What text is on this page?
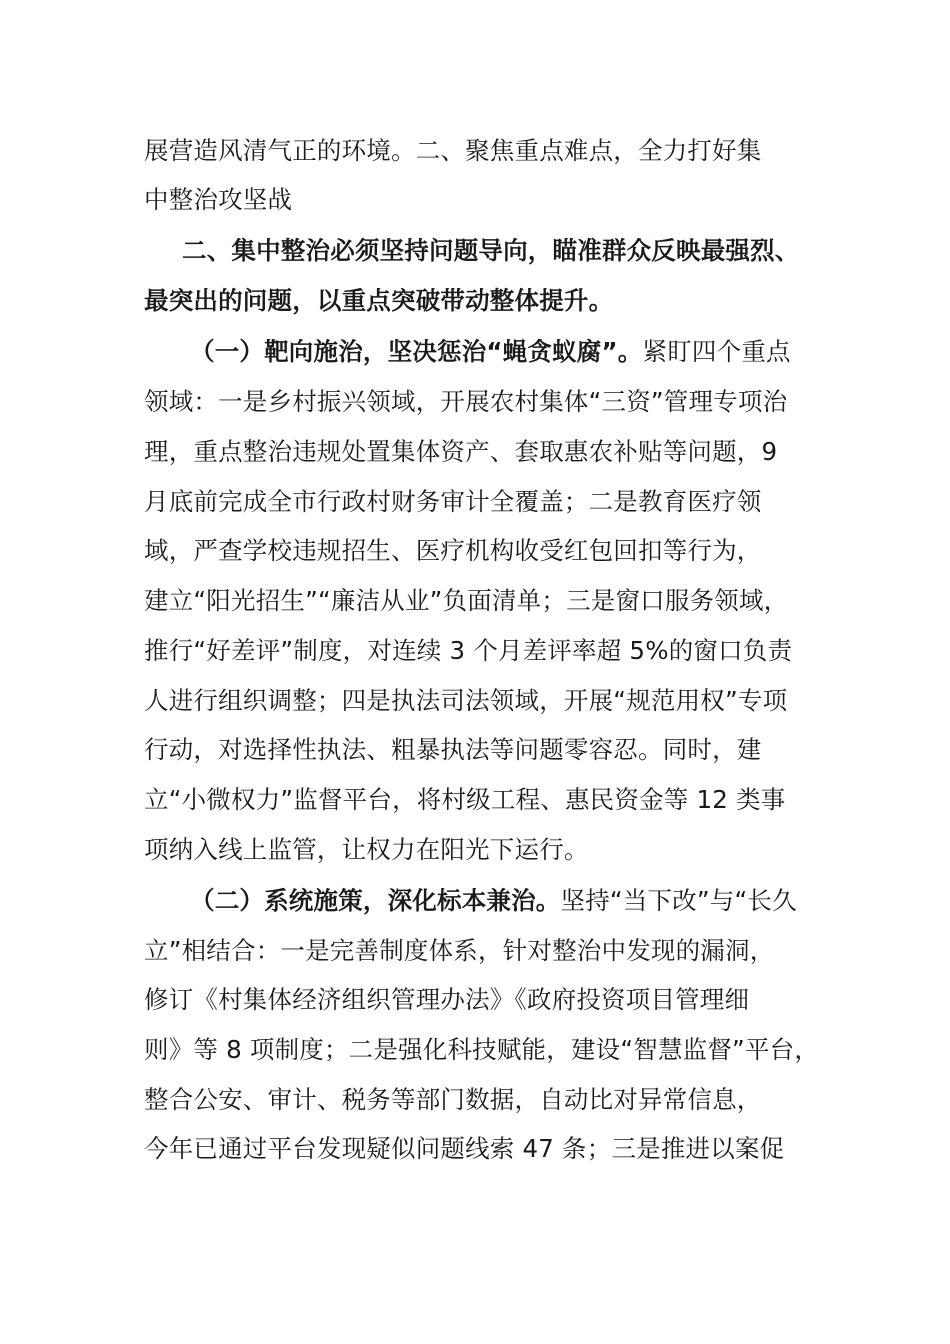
展营造风清气正的环境。二、聚焦重点难点，全力打好集
中整治攻坚战
二、集中整治必须坚持问题导向，瞄准群众反映最强烈、
最突出的问题，以重点突破带动整体提升。
（一）靶向施治，坚决惩治“蝇贪蚁腐”。紧盯四个重点
领域：一是乡村振兴领域，开展农村集体“三资”管理专项治
理，重点整治违规处置集体资产、套取惠农补贴等问题，9
月底前完成全市行政村财务审计全覆盖；二是教育医疗领
域，严查学校违规招生、医疗机构收受红包回扣等行为，
建立“阳光招生”“廉洁从业”负面清单；三是窗口服务领域，
推行“好差评”制度，对连续 3 个月差评率超 5%的窗口负责
人进行组织调整；四是执法司法领域，开展“规范用权”专项
行动，对选择性执法、粗暴执法等问题零容忍。同时，建
立“小微权力”监督平台，将村级工程、惠民资金等 12 类事
项纳入线上监管，让权力在阳光下运行。
（二）系统施策，深化标本兼治。坚持“当下改”与“长久
立”相结合：一是完善制度体系，针对整治中发现的漏洞，
修订《村集体经济组织管理办法》《政府投资项目管理细
则》等 8 项制度；二是强化科技赋能，建设“智慧监督”平台，
整合公安、审计、税务等部门数据，自动比对异常信息，
今年已通过平台发现疑似问题线索 47 条；三是推进以案促
